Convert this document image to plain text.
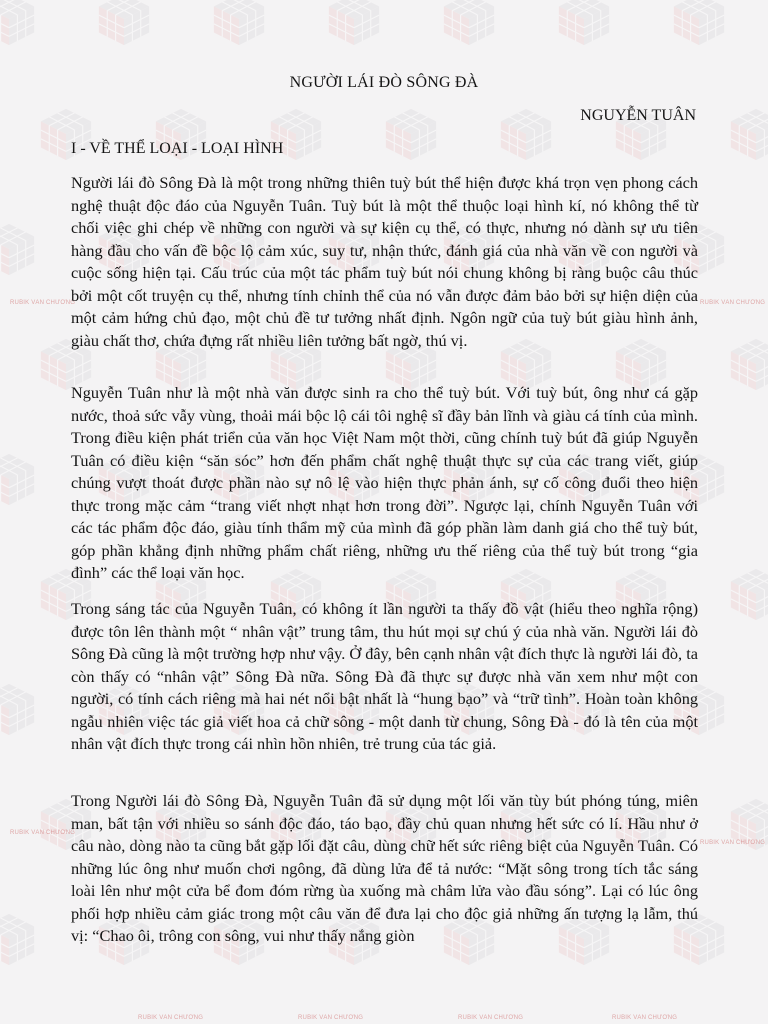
RUBIK VĂN CHƯƠNG
RUBIK VĂN CHƯƠNG
RUBIK VĂN CHƯƠNG	RUBIK VĂN CHƯƠNG	RUBIK VĂN CHƯƠNG	RUBIK VĂN CHƯƠNG
RUBIK VĂN CHƯƠNG
RUBIK VĂN CHƯƠNG
NGƯỜI LÁI ĐÒ SÔNG ĐÀ
NGUYỄN TUÂN
I - VỀ THỂ LOẠI - LOẠI HÌNH

Người lái đò Sông Đà là một trong những thiên tuỳ bút thể hiện được khá trọn vẹn phong cách nghệ thuật độc đáo của Nguyễn Tuân. Tuỳ bút là một thể thuộc loại hình kí, nó không thể từ chối việc ghi chép về những con người và sự kiện cụ thể, có thực, nhưng nó dành sự ưu tiên hàng đầu cho vấn đề bộc lộ cảm xúc, suy tư, nhận thức, đánh giá của nhà văn về con người và cuộc sống hiện tại. Cấu trúc của một tác phẩm tuỳ bút nói chung không bị ràng buộc câu thúc bởi một cốt truyện cụ thể, nhưng tính chỉnh thể của nó vẫn được đảm bảo bởi sự hiện diện của một cảm hứng chủ đạo, một chủ đề tư tưởng nhất định. Ngôn ngữ của tuỳ bút giàu hình ảnh, giàu chất thơ, chứa đựng rất nhiều liên tưởng bất ngờ, thú vị.

Nguyễn Tuân như là một nhà văn được sinh ra cho thể tuỳ bút. Với tuỳ bút, ông như cá gặp nước, thoả sức vẫy vùng, thoải mái bộc lộ cái tôi nghệ sĩ đầy bản lĩnh và giàu cá tính của mình. Trong điều kiện phát triển của văn học Việt Nam một thời, cũng chính tuỳ bút đã giúp Nguyễn Tuân có điều kiện “săn sóc” hơn đến phẩm chất nghệ thuật thực sự của các trang viết, giúp chúng vượt thoát được phần nào sự nô lệ vào hiện thực phản ánh, sự cố công đuổi theo hiện thực trong mặc cảm “trang viết nhợt nhạt hơn trong đời”. Ngược lại, chính Nguyễn Tuân với các tác phẩm độc đáo, giàu tính thẩm mỹ của mình đã góp phần làm danh giá cho thể tuỳ bút, góp phần khẳng định những phẩm chất riêng, những ưu thế riêng của thể tuỳ bút trong “gia đình” các thể loại văn học.

Trong sáng tác của Nguyễn Tuân, có không ít lần người ta thấy đồ vật (hiểu theo nghĩa rộng) được tôn lên thành một “ nhân vật” trung tâm, thu hút mọi sự chú ý của nhà văn. Người lái đò Sông Đà cũng là một trường hợp như vậy. Ở đây, bên cạnh nhân vật đích thực là người lái đò, ta còn thấy có “nhân vật” Sông Đà nữa. Sông Đà đã thực sự được nhà văn xem như một con người, có tính cách riêng mà hai nét nổi bật nhất là “hung bạo” và “trữ tình”. Hoàn toàn không ngẫu nhiên việc tác giả viết hoa cả chữ sông - một danh từ chung, Sông Đà - đó là tên của một nhân vật đích thực trong cái nhìn hồn nhiên, trẻ trung của tác giả.

Trong Người lái đò Sông Đà, Nguyễn Tuân đã sử dụng một lối văn tùy bút phóng túng, miên man, bất tận với nhiều so sánh độc đáo, táo bạo, đầy chủ quan nhưng hết sức có lí. Hầu như ở câu nào, dòng nào ta cũng bắt gặp lối đặt câu, dùng chữ hết sức riêng biệt của Nguyễn Tuân. Có những lúc ông như muốn chơi ngông, đã dùng lửa để tả nước: “Mặt sông trong tích tắc sáng loài lên như một cửa bể đom đóm rừng ùa xuống mà châm lửa vào đầu sóng”. Lại có lúc ông phối hợp nhiều cảm giác trong một câu văn để đưa lại cho độc giả những ấn tượng lạ lẫm, thú vị: “Chao ôi, trông con sông, vui như thấy nắng giòn
